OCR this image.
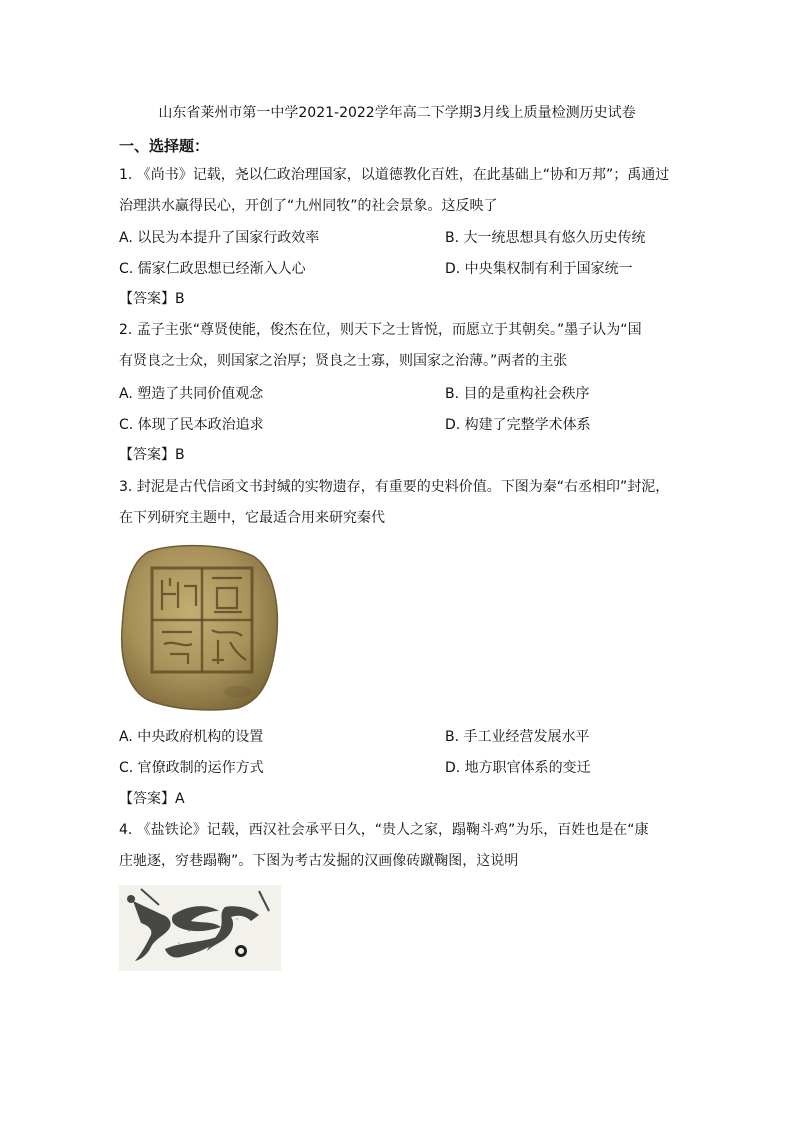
山东省莱州市第一中学2021-2022学年高二下学期3月线上质量检测历史试卷
一、选择题：
1. 《尚书》记载，尧以仁政治理国家，以道德教化百姓，在此基础上“协和万邦”；禹通过
治理洪水赢得民心，开创了“九州同牧”的社会景象。这反映了
A. 以民为本提升了国家行政效率	B. 大一统思想具有悠久历史传统
C. 儒家仁政思想已经渐入人心	D. 中央集权制有利于国家统一
【答案】B
2. 孟子主张“尊贤使能，俊杰在位，则天下之士皆悦，而愿立于其朝矣。”墨子认为“国
有贤良之士众，则国家之治厚；贤良之士寡，则国家之治薄。”两者的主张
A. 塑造了共同价值观念	B. 目的是重构社会秩序
C. 体现了民本政治追求	D. 构建了完整学术体系
【答案】B
3. 封泥是古代信函文书封缄的实物遗存，有重要的史料价值。下图为秦“右丞相印”封泥，
在下列研究主题中，它最适合用来研究秦代
A. 中央政府机构的设置	B. 手工业经营发展水平
C. 官僚政制的运作方式	D. 地方职官体系的变迁
【答案】A
4. 《盐铁论》记载，西汉社会承平日久，“贵人之家，蹋鞠斗鸡”为乐，百姓也是在“康
庄驰逐，穷巷蹋鞠”。下图为考古发掘的汉画像砖蹴鞠图，这说明
